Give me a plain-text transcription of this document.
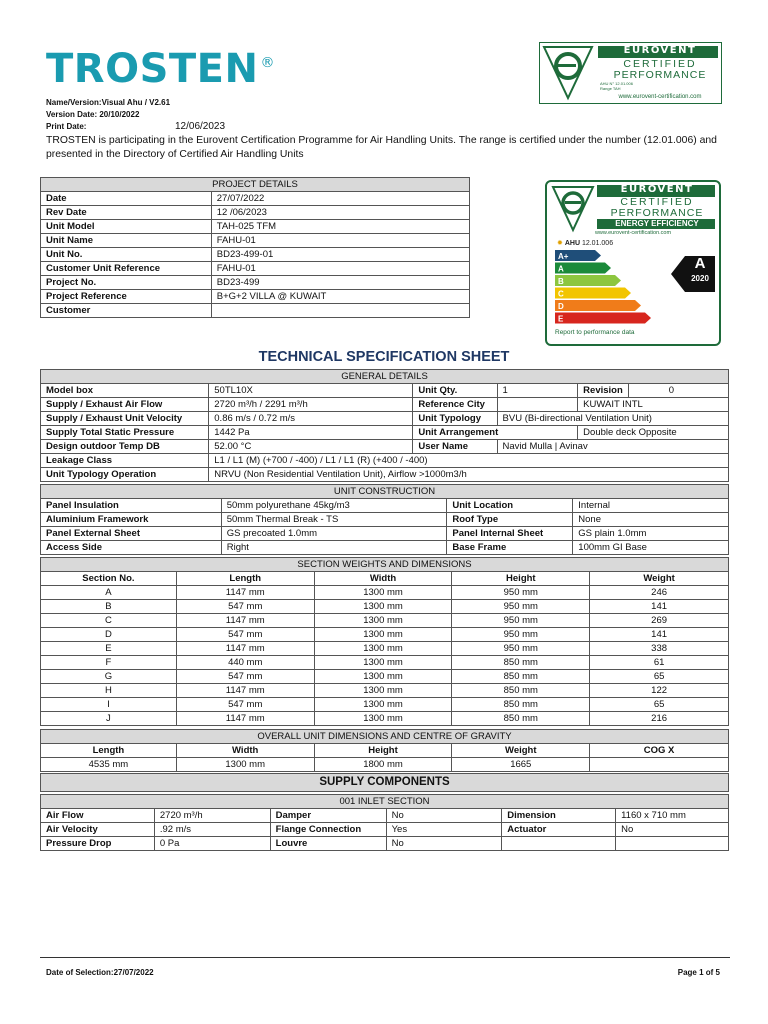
TROSTEN ®
Name/Version:Visual Ahu / V2.61
Version Date: 20/10/2022
Print Date:	12/06/2023
TROSTEN is participating in the Eurovent Certification Programme for Air Handling Units. The range is certified under the number (12.01.006) and presented in the Directory of Certified Air Handling Units
EUROVENT
CERTIFIED
PERFORMANCE
AHU N° 12.01.006
Range TAH
www.eurovent-certification.com
EUROVENT
CERTIFIED
PERFORMANCE
ENERGY EFFICIENCY
www.eurovent-certification.com
✹ AHU 12.01.006
A+
A
B
C
D
E
A
2020
Report to performance data
PROJECT DETAILS	
Date	27/07/2022
Rev Date	12 /06/2023
Unit Model	TAH-025 TFM
Unit Name	FAHU-01
Unit No.	BD23-499-01
Customer Unit Reference	FAHU-01
Project No.	BD23-499
Project Reference	B+G+2 VILLA @ KUWAIT
Customer	
TECHNICAL SPECIFICATION SHEET
GENERAL DETAILS					
Model box	50TL10X	Unit Qty.	1	Revision	0
Supply / Exhaust Air Flow	2720 m³/h / 2291 m³/h	Reference City		KUWAIT INTL	
Supply / Exhaust Unit Velocity	0.86 m/s / 0.72 m/s	Unit Typology	BVU (Bi-directional Ventilation Unit)		
Supply Total Static Pressure	1442 Pa	Unit Arrangement		Double deck Opposite	
Design outdoor Temp DB	52.00 °C	User Name	Navid Mulla | Avinav		
Leakage Class	L1 / L1 (M) (+700 / -400) / L1 / L1 (R) (+400 / -400)				
Unit Typology Operation	NRVU (Non Residential Ventilation Unit), Airflow >1000m3/h				
UNIT CONSTRUCTION			
Panel Insulation	50mm polyurethane 45kg/m3	Unit Location	Internal
Aluminium Framework	50mm Thermal Break - TS	Roof Type	None
Panel External Sheet	GS precoated 1.0mm	Panel Internal Sheet	GS plain 1.0mm
Access Side	Right	Base Frame	100mm GI Base
SECTION WEIGHTS AND DIMENSIONS				
Section No.	Length	Width	Height	Weight
A	1147 mm	1300 mm	950 mm	246
B	547 mm	1300 mm	950 mm	141
C	1147 mm	1300 mm	950 mm	269
D	547 mm	1300 mm	950 mm	141
E	1147 mm	1300 mm	950 mm	338
F	440 mm	1300 mm	850 mm	61
G	547 mm	1300 mm	850 mm	65
H	1147 mm	1300 mm	850 mm	122
I	547 mm	1300 mm	850 mm	65
J	1147 mm	1300 mm	850 mm	216
OVERALL UNIT DIMENSIONS AND CENTRE OF GRAVITY				
Length	Width	Height	Weight	COG X
4535 mm	1300 mm	1800 mm	1665	
SUPPLY COMPONENTS
001 INLET SECTION					
Air Flow	2720 m³/h	Damper	No	Dimension	1160 x 710 mm
Air Velocity	.92 m/s	Flange Connection	Yes	Actuator	No
Pressure Drop	0 Pa	Louvre	No		
Date of Selection:27/07/2022	Page 1 of 5
